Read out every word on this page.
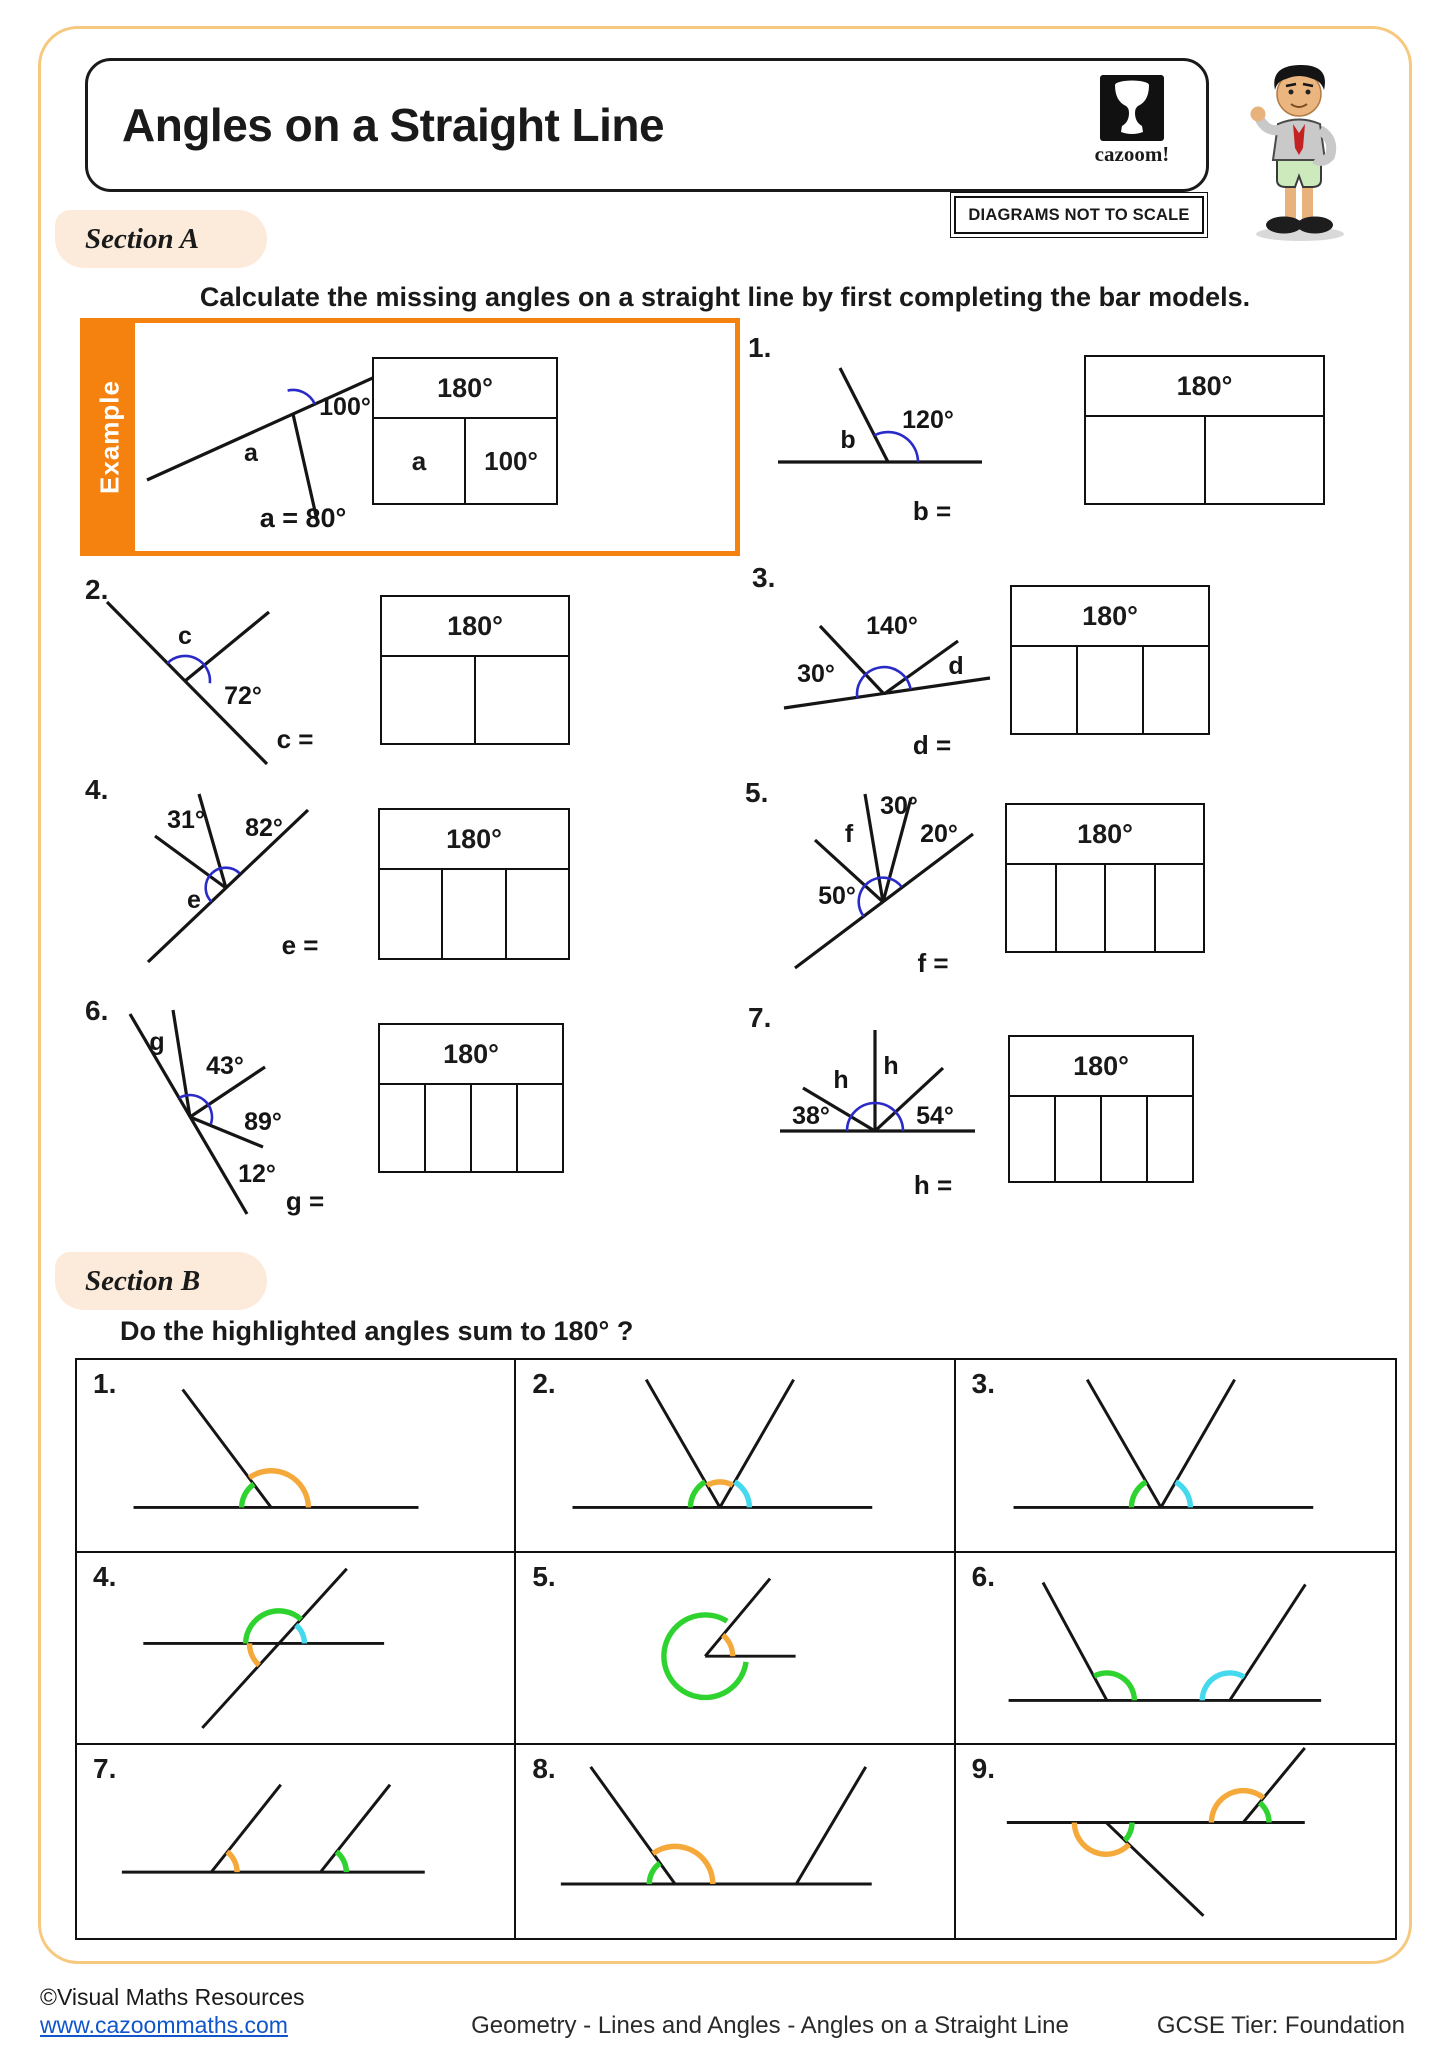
Angles on a Straight Line
cazoom!
DIAGRAMS NOT TO SCALE
Section A
Calculate the missing angles on a straight line by first completing the bar models.
Example	100°
a
a = 80°
180°
a	100°
1.
b
120°
b =
180°
2.
c
72°
c =
180°
3.
30°
140°
d
d =
180°
4.
31° 82°
e
e =
180°
5.	30°
f	20°
50°
f =
180°
6.
g
43°
89°
12°
g =
180°
7.
38°
h h
54°
h =
180°
Section B
Do the highlighted angles sum to 180° ?
1.	2.	3.
4.	5.	6.
7.	8.	9.
©Visual Maths Resources
www.cazoommaths.com	Geometry - Lines and Angles - Angles on a Straight Line	GCSE Tier: Foundation
